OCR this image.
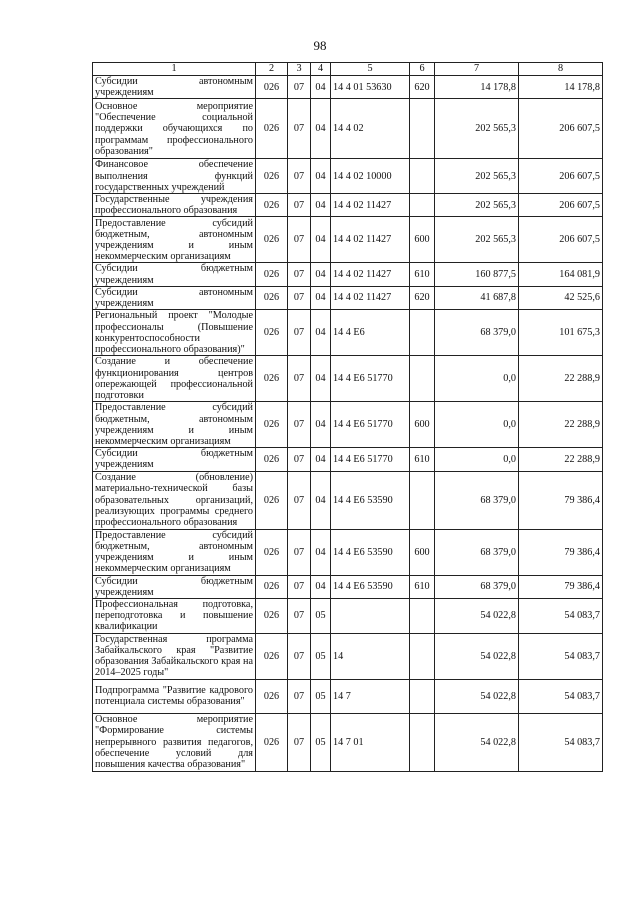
98
1	2	3	4	5	6	7	8
Субсидии автономным учреждениям	026	07	04	14 4 01 53630	620	14 178,8	14 178,8
Основное мероприятие "Обеспечение социальной поддержки обучающихся по программам профессионального образования"	026	07	04	14 4 02		202 565,3	206 607,5
Финансовое обеспечение выполнения функций государственных учреждений	026	07	04	14 4 02 10000		202 565,3	206 607,5
Государственные учреждения профессионального образования	026	07	04	14 4 02 11427		202 565,3	206 607,5
Предоставление субсидий бюджетным, автономным учреждениям и иным некоммерческим организациям	026	07	04	14 4 02 11427	600	202 565,3	206 607,5
Субсидии бюджетным учреждениям	026	07	04	14 4 02 11427	610	160 877,5	164 081,9
Субсидии автономным учреждениям	026	07	04	14 4 02 11427	620	41 687,8	42 525,6
Региональный проект "Молодые профессионалы (Повышение конкурентоспособности профессионального образования)"	026	07	04	14 4 E6		68 379,0	101 675,3
Создание и обеспечение функционирования центров опережающей профессиональной подготовки	026	07	04	14 4 E6 51770		0,0	22 288,9
Предоставление субсидий бюджетным, автономным учреждениям и иным некоммерческим организациям	026	07	04	14 4 E6 51770	600	0,0	22 288,9
Субсидии бюджетным учреждениям	026	07	04	14 4 E6 51770	610	0,0	22 288,9
Создание (обновление) материально-технической базы образовательных организаций, реализующих программы среднего профессионального образования	026	07	04	14 4 E6 53590		68 379,0	79 386,4
Предоставление субсидий бюджетным, автономным учреждениям и иным некоммерческим организациям	026	07	04	14 4 E6 53590	600	68 379,0	79 386,4
Субсидии бюджетным учреждениям	026	07	04	14 4 E6 53590	610	68 379,0	79 386,4
Профессиональная подготовка, переподготовка и повышение квалификации	026	07	05			54 022,8	54 083,7
Государственная программа Забайкальского края "Развитие образования Забайкальского края на 2014–2025 годы"	026	07	05	14		54 022,8	54 083,7
Подпрограмма "Развитие кадрового потенциала системы образования"	026	07	05	14 7		54 022,8	54 083,7
Основное мероприятие "Формирование системы непрерывного развития педагогов, обеспечение условий для повышения качества образования"	026	07	05	14 7 01		54 022,8	54 083,7
